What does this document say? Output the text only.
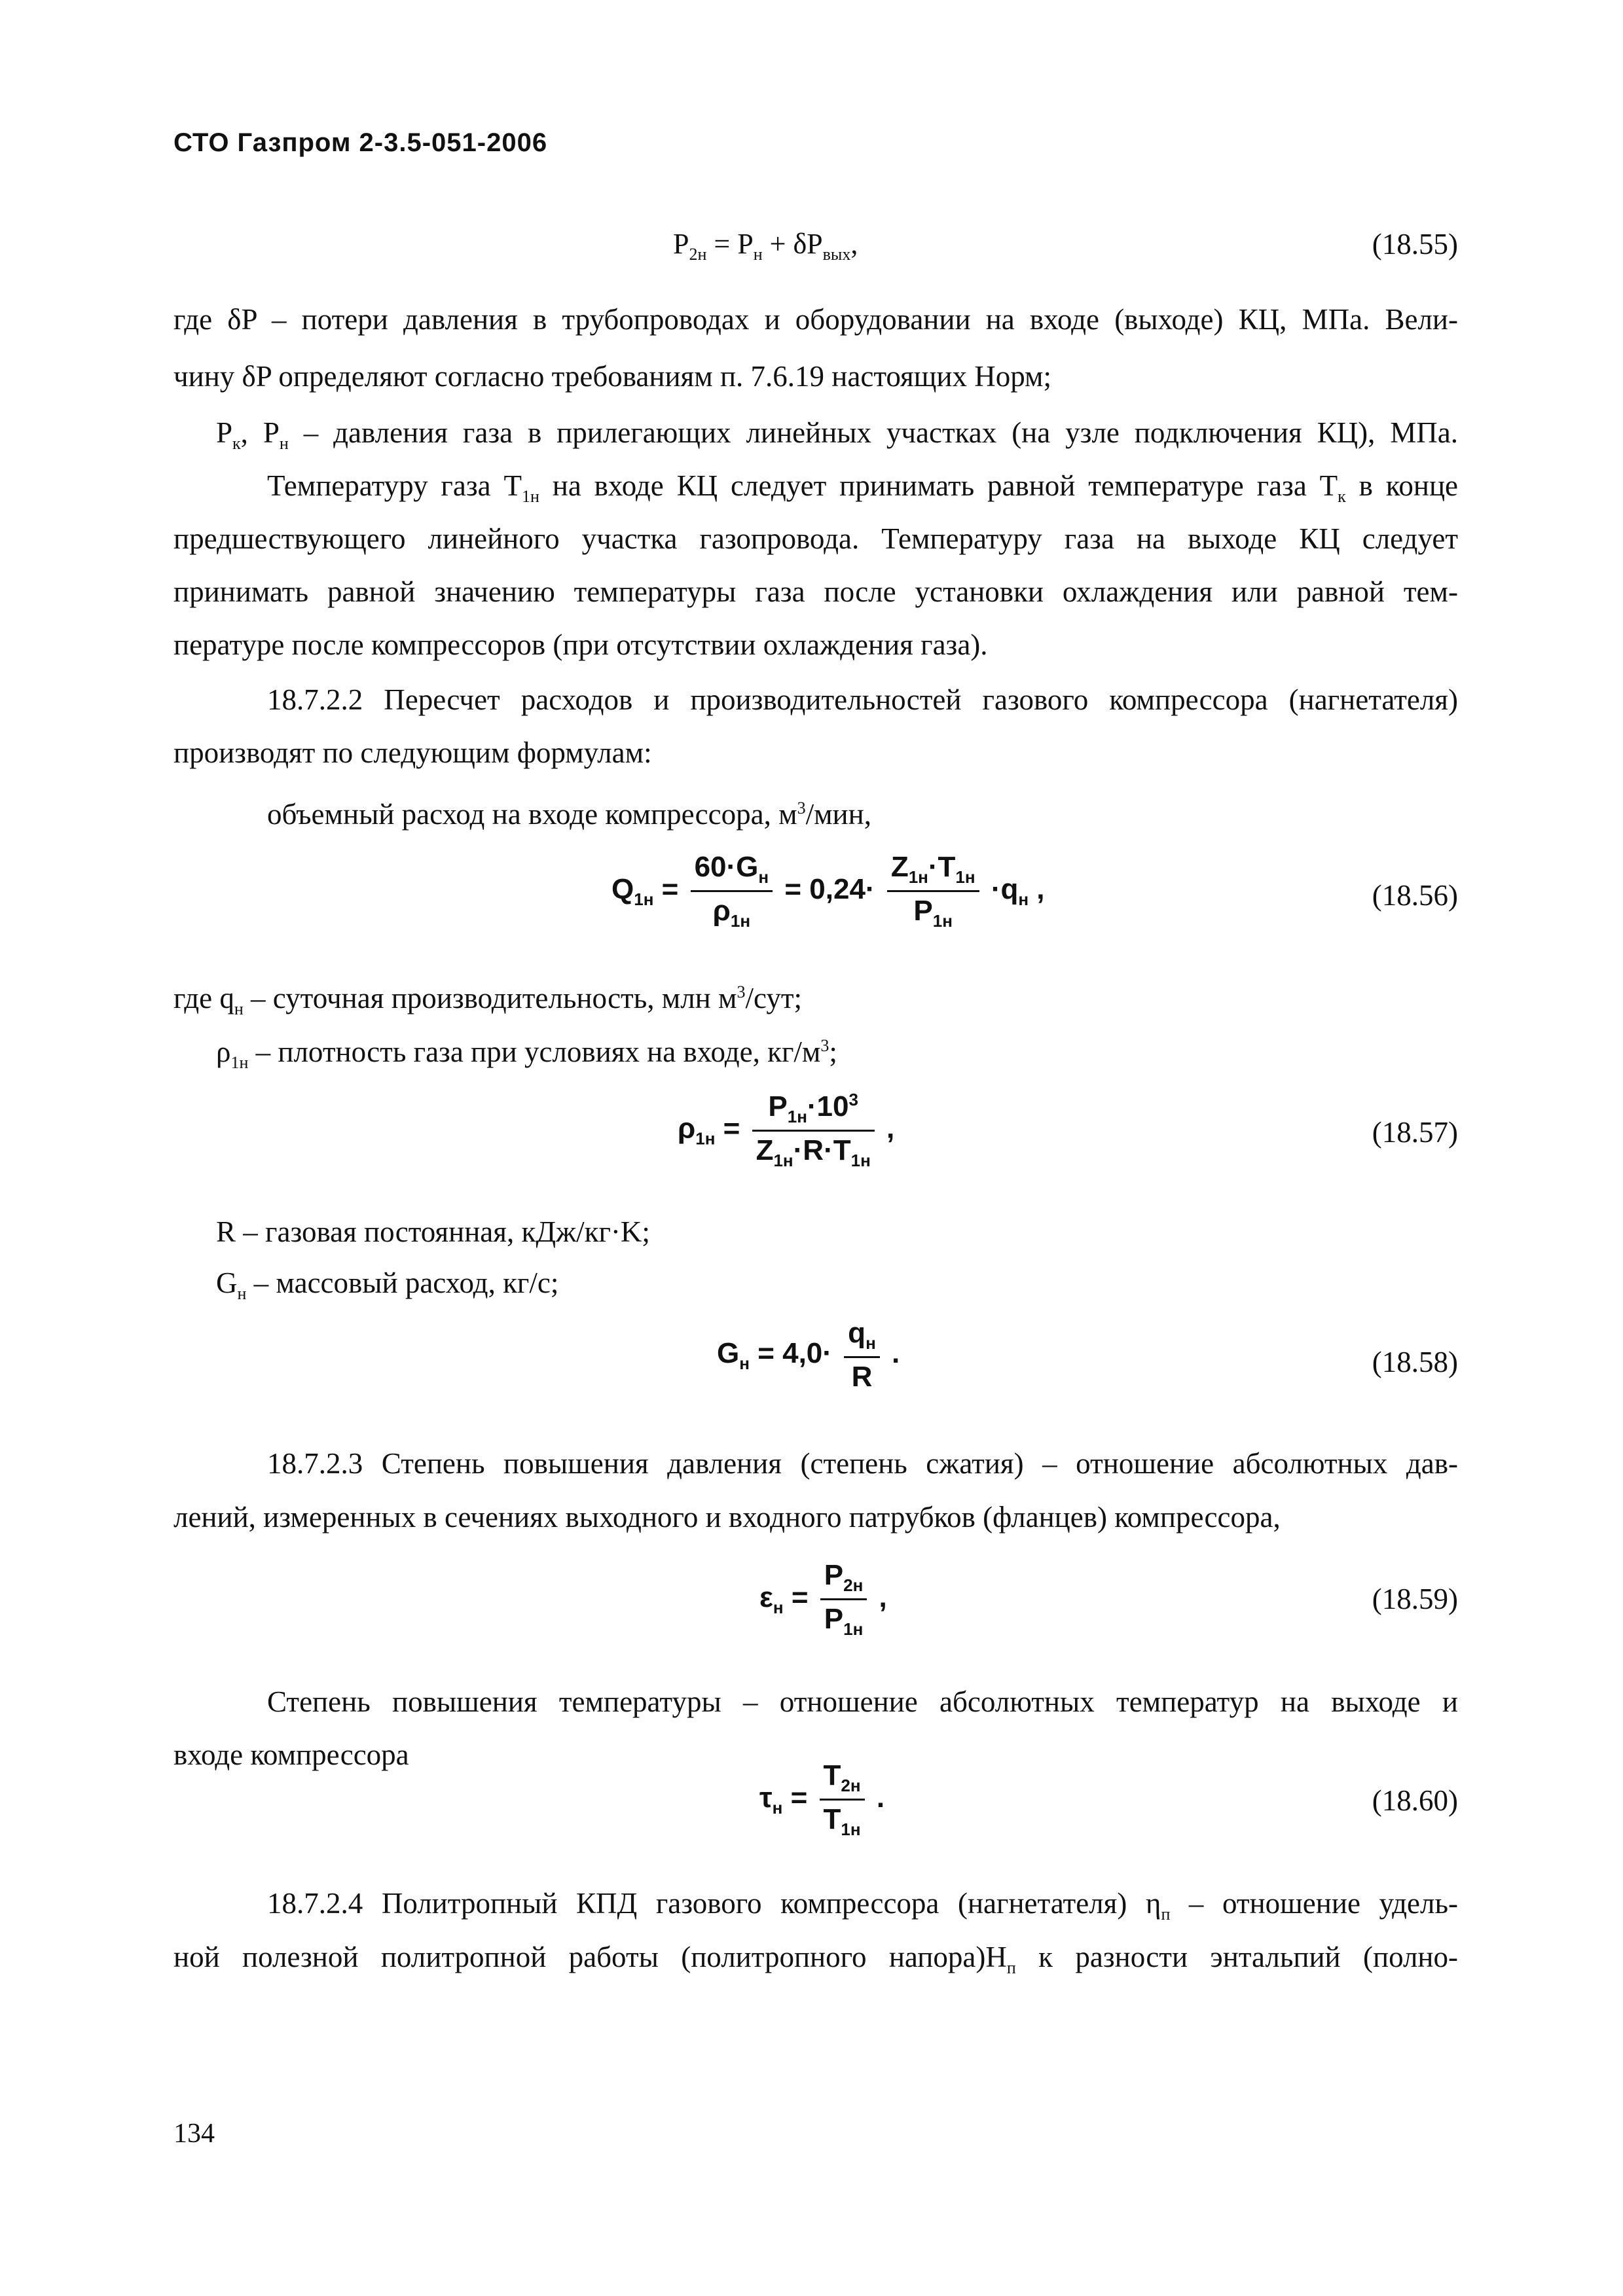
СТО Газпром 2-3.5-051-2006
$P_{2н} = P_н + \delta P_{вых}$,	(18.55)
где δP – потери давления в трубопроводах и оборудовании на входе (выходе) КЦ, МПа. Вели-
чину δP определяют согласно требованиям п. 7.6.19 настоящих Норм;
$P_к$, $P_н$ – давления газа в прилегающих линейных участках (на узле подключения КЦ), МПа.
Температуру газа $T_{1н}$ на входе КЦ следует принимать равной температуре газа $T_к$ в конце
предшествующего линейного участка газопровода. Температуру газа на выходе КЦ следует
принимать равной значению температуры газа после установки охлаждения или равной тем-
пературе после компрессоров (при отсутствии охлаждения газа).
18.7.2.2 Пересчет расходов и производительностей газового компрессора (нагнетателя)
производят по следующим формулам:
объемный расход на входе компрессора, $м^3$/мин,
$Q_{1н} = \frac{60\cdot G_н}{\rho_{1н}} = 0,24\cdot \frac{Z_{1н}\cdot T_{1н}}{P_{1н}} \cdot q_н$ ,	(18.56)
где $q_н$ – суточная производительность, млн $м^3$/сут;
$\rho_{1н}$ – плотность газа при условиях на входе, $кг/м^3$;
$\rho_{1н} = \frac{P_{1н}\cdot 10^3}{Z_{1н}\cdot R\cdot T_{1н}}$ ,	(18.57)
R – газовая постоянная, кДж/кг·K;
$G_н$ – массовый расход, кг/с;
$G_н = 4,0\cdot \frac{q_н}{R}$ .	(18.58)
18.7.2.3 Степень повышения давления (степень сжатия) – отношение абсолютных дав-
лений, измеренных в сечениях выходного и входного патрубков (фланцев) компрессора,
$\varepsilon_н = \frac{P_{2н}}{P_{1н}}$ ,	(18.59)
Степень повышения температуры – отношение абсолютных температур на выходе и
входе компрессора
$\tau_н = \frac{T_{2н}}{T_{1н}}$ .	(18.60)
18.7.2.4 Политропный КПД газового компрессора (нагнетателя) $\eta_п$ – отношение удель-
ной полезной политропной работы (политропного $напора)H_п$ к разности энтальпий (полно-
134
